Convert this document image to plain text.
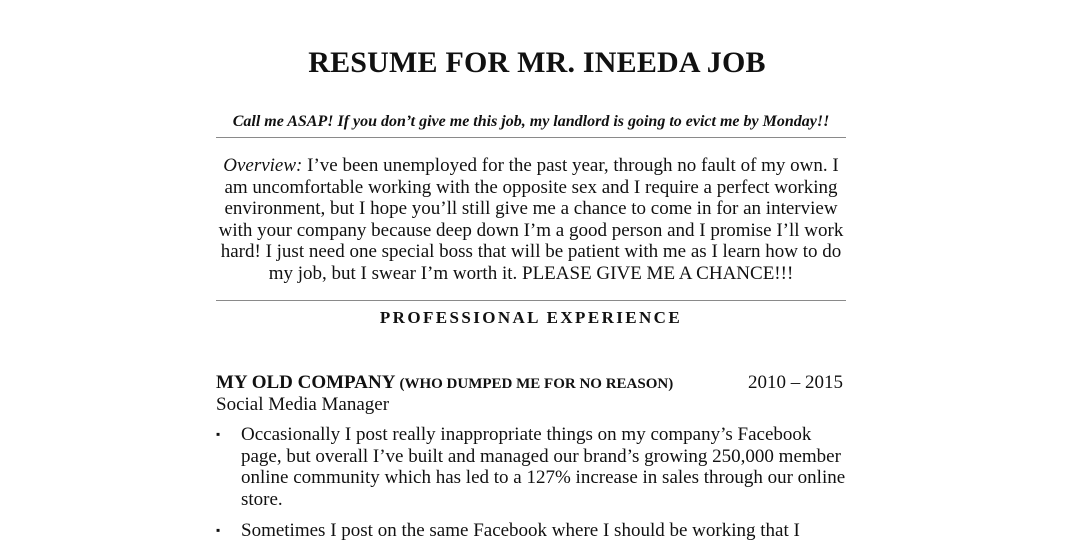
RESUME FOR MR. INEEDA JOB

Call me ASAP! If you don’t give me this job, my landlord is going to evict me by Monday!!

Overview: I’ve been unemployed for the past year, through no fault of my own. I am uncomfortable working with the opposite sex and I require a perfect working environment, but I hope you’ll still give me a chance to come in for an interview with your company because deep down I’m a good person and I promise I’ll work hard! I just need one special boss that will be patient with me as I learn how to do my job, but I swear I’m worth it. PLEASE GIVE ME A CHANCE!!!

PROFESSIONAL EXPERIENCE
MY OLD COMPANY (WHO DUMPED ME FOR NO REASON)	2010 – 2015

Social Media Manager

▪ Occasionally I post really inappropriate things on my company’s Facebook page, but overall I’ve built and managed our brand’s growing 250,000 member online community which has led to a 127% increase in sales through our online store.
▪ Sometimes I post on the same Facebook where I should be working that I
